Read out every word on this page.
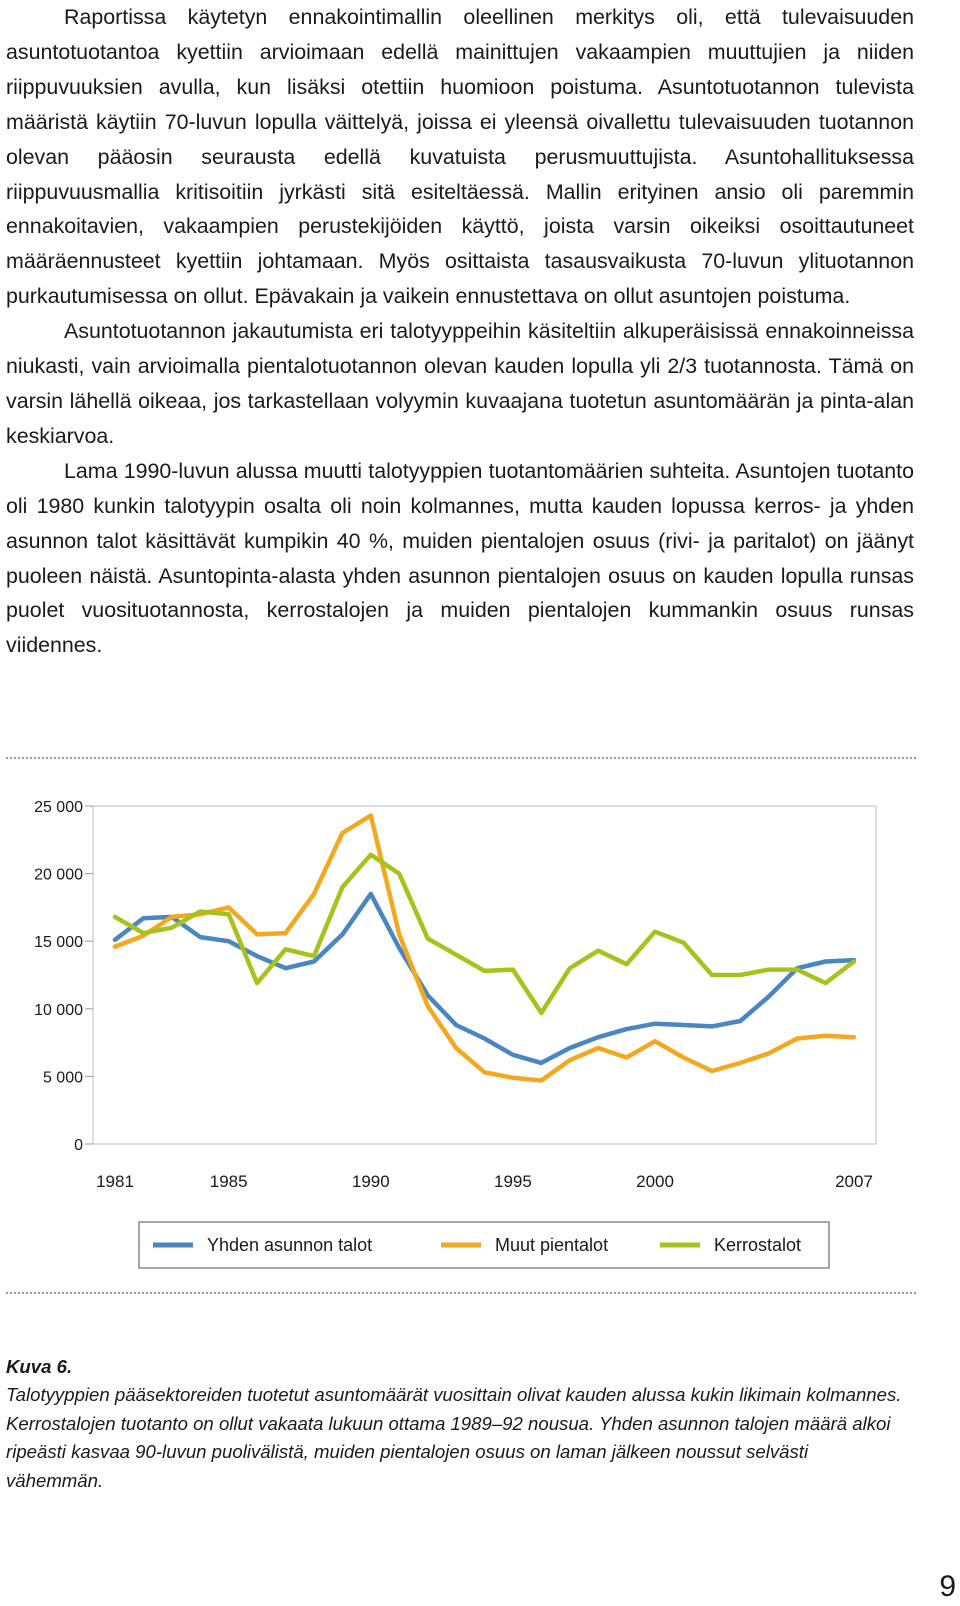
Raportissa käytetyn ennakointimallin oleellinen merkitys oli, että tulevaisuuden asuntotuotantoa kyettiin arvioimaan edellä mainittujen vakaampien muuttujien ja niiden riippuvuuksien avulla, kun lisäksi otettiin huomioon poistuma. Asuntotuotannon tulevista määristä käytiin 70-luvun lopulla väittelyä, joissa ei yleensä oivallettu tulevaisuuden tuotannon olevan pääosin seurausta edellä kuvatuista perusmuuttujista. Asuntohallituksessa riippuvuusmallia kritisoitiin jyrkästi sitä esiteltäessä. Mallin erityinen ansio oli paremmin ennakoitavien, vakaampien perustekijöiden käyttö, joista varsin oikeiksi osoittautuneet määräennusteet kyettiin johtamaan. Myös osittaista tasausvaikusta 70-luvun ylituotannon purkautumisessa on ollut. Epävakain ja vaikein ennustettava on ollut asuntojen poistuma.

Asuntotuotannon jakautumista eri talotyyppeihin käsiteltiin alkuperäisissä ennakoinneissa niukasti, vain arvioimalla pientalotuotannon olevan kauden lopulla yli 2/3 tuotannosta. Tämä on varsin lähellä oikeaa, jos tarkastellaan volyymin kuvaajana tuotetun asuntomäärän ja pinta-alan keskiarvoa.

Lama 1990-luvun alussa muutti talotyyppien tuotantomäärien suhteita. Asuntojen tuotanto oli 1980 kunkin talotyypin osalta oli noin kolmannes, mutta kauden lopussa kerros- ja yhden asunnon talot käsittävät kumpikin 40 %, muiden pientalojen osuus (rivi- ja paritalot) on jäänyt puoleen näistä. Asuntopinta-alasta yhden asunnon pientalojen osuus on kauden lopulla runsas puolet vuosituotannosta, kerrostalojen ja muiden pientalojen kummankin osuus runsas viidennes.

0
5 000
10 000
15 000
20 000
25 000
1981	1985	1990	1995	2000	2007
Yhden asunnon talot	Muut pientalot	Kerrostalot
Kuva 6.
Talotyyppien pääsektoreiden tuotetut asuntomäärät vuosittain olivat kauden alussa kukin likimain kolmannes. Kerrostalojen tuotanto on ollut vakaata lukuun ottama 1989–92 nousua. Yhden asunnon talojen määrä alkoi ripeästi kasvaa 90-luvun puolivälistä, muiden pientalojen osuus on laman jälkeen noussut selvästi vähemmän.
9
